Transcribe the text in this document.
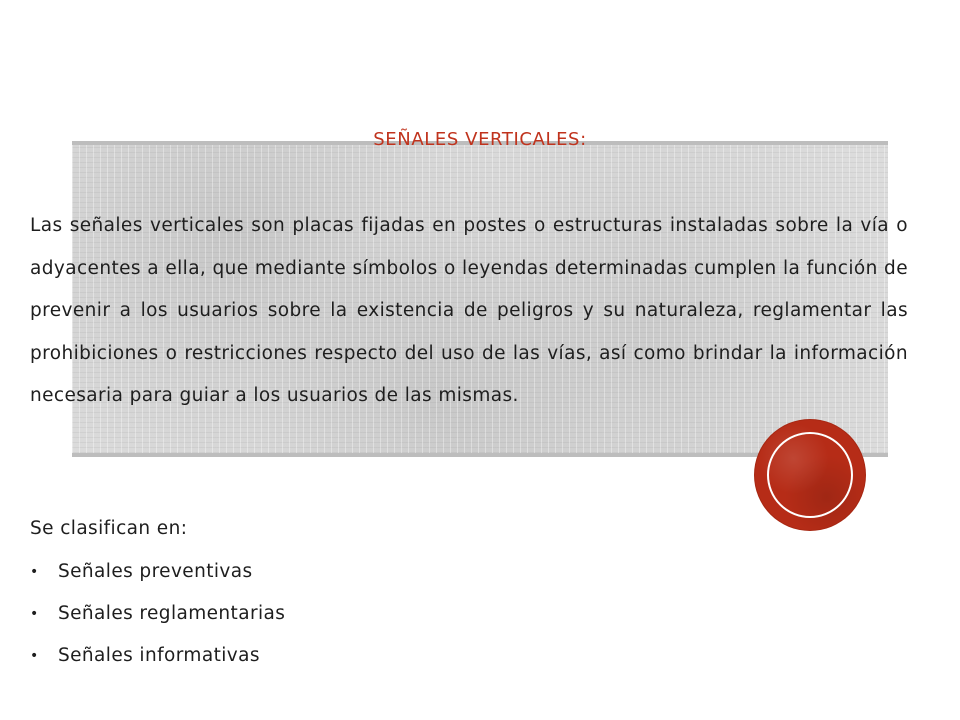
SEÑALES VERTICALES:

Las señales verticales son placas fijadas en postes o estructuras instaladas sobre la vía o adyacentes a ella, que mediante símbolos o leyendas determinadas cumplen la función de prevenir a los usuarios sobre la existencia de peligros y su naturaleza, reglamentar las prohibiciones o restricciones respecto del uso de las vías, así como brindar la información necesaria para guiar a los usuarios de las mismas.

Se clasifican en:

•	Señales preventivas
•	Señales reglamentarias
•	Señales informativas
